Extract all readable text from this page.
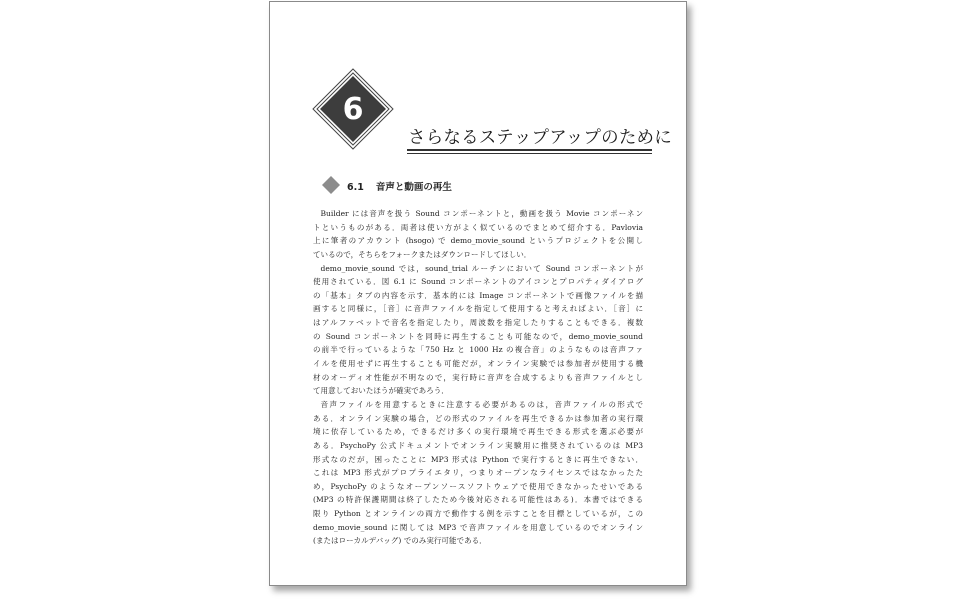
6
さらなるステップアップのために
6.1 音声と動画の再生
Builder には音声を扱う Sound コンポーネントと，動画を扱う Movie コンポーネン
トというものがある．両者は使い方がよく似ているのでまとめて紹介する．Pavlovia
上に筆者のアカウント (hsogo) で demo_movie_sound というプロジェクトを公開し
ているので，そちらをフォークまたはダウンロードしてほしい．
demo_movie_sound では，sound_trial ルーチンにおいて Sound コンポーネントが
使用されている．図 6.1 に Sound コンポーネントのアイコンとプロパティダイアログ
の「基本」タブの内容を示す．基本的には Image コンポーネントで画像ファイルを描
画すると同様に，［音］に音声ファイルを指定して使用すると考えればよい．［音］に
はアルファベットで音名を指定したり，周波数を指定したりすることもできる．複数
の Sound コンポーネントを同時に再生することも可能なので，demo_movie_sound
の前半で行っているような「750 Hz と 1000 Hz の複合音」のようなものは音声ファ
イルを使用せずに再生することも可能だが，オンライン実験では参加者が使用する機
材のオーディオ性能が不明なので，実行時に音声を合成するよりも音声ファイルとし
て用意しておいたほうが確実であろう．
音声ファイルを用意するときに注意する必要があるのは，音声ファイルの形式で
ある．オンライン実験の場合，どの形式のファイルを再生できるかは参加者の実行環
境に依存しているため，できるだけ多くの実行環境で再生できる形式を選ぶ必要が
ある．PsychoPy 公式ドキュメントでオンライン実験用に推奨されているのは MP3
形式なのだが，困ったことに MP3 形式は Python で実行するときに再生できない．
これは MP3 形式がプロプライエタリ，つまりオープンなライセンスではなかったた
め，PsychoPy のようなオープンソースソフトウェアで使用できなかったせいである
(MP3 の特許保護期間は終了したため今後対応される可能性はある)．本書ではできる
限り Python とオンラインの両方で動作する例を示すことを目標としているが，この
demo_movie_sound に関しては MP3 で音声ファイルを用意しているのでオンライン
(またはローカルデバッグ) でのみ実行可能である．
